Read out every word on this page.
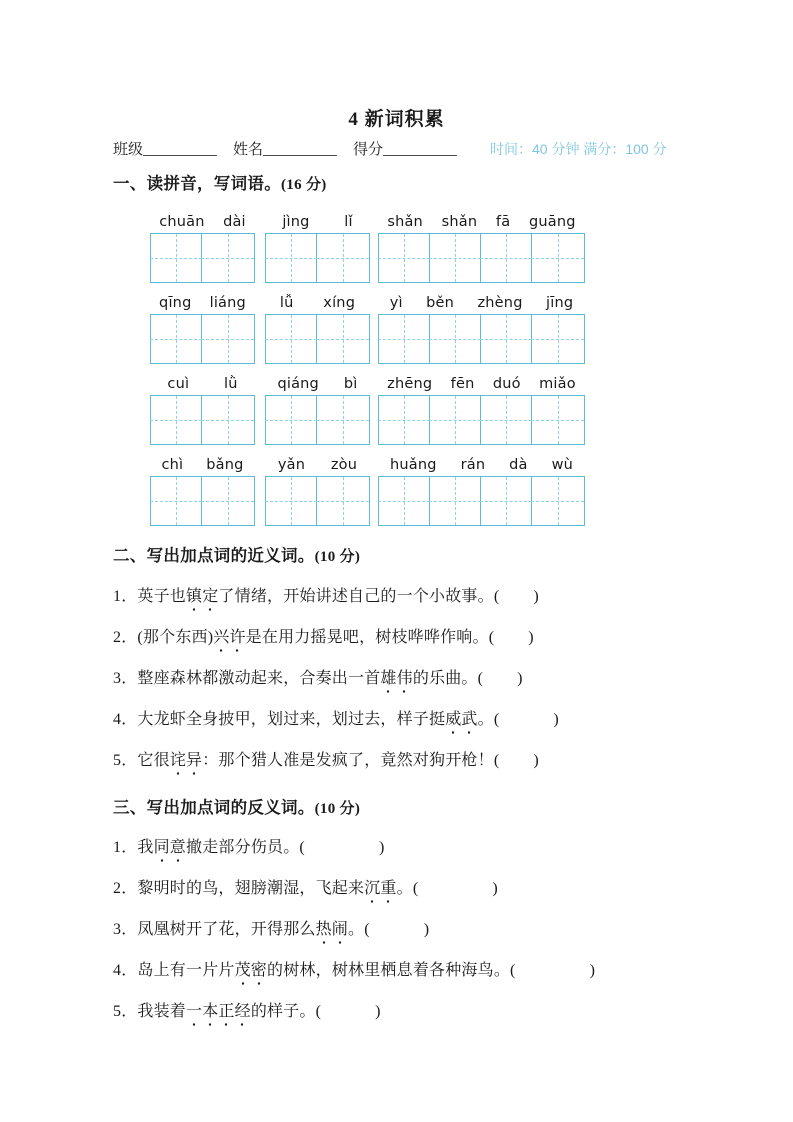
4 新词积累
班级	姓名	得分	时间：40 分钟 满分：100 分
一、读拼音，写词语。(16 分)
chuān	dài	jìng	lǐ	shǎn	shǎn	fā	guāng
qīng	liáng	lǚ	xíng	yì	běn	zhèng	jīng
cuì	lǜ	qiáng	bì	zhēng	fēn	duó	miǎo
chì	bǎng	yǎn	zòu	huǎng	rán	dà	wù
二、写出加点词的近义词。(10 分)
1．英子也镇定了情绪，开始讲述自己的一个小故事。( )
2．(那个东西)兴许是在用力摇晃吧，树枝哗哗作响。( )
3．整座森林都激动起来，合奏出一首雄伟的乐曲。( )
4．大龙虾全身披甲，划过来，划过去，样子挺威武。(	)
5．它很诧异：那个猎人准是发疯了，竟然对狗开枪！( )
三、写出加点词的反义词。(10 分)
1．我同意撤走部分伤员。(	)
2．黎明时的鸟，翅膀潮湿，飞起来沉重。(	)
3．凤凰树开了花，开得那么热闹。(	)
4．岛上有一片片茂密的树林，树林里栖息着各种海鸟。(	)
5．我装着一本正经的样子。(	)
